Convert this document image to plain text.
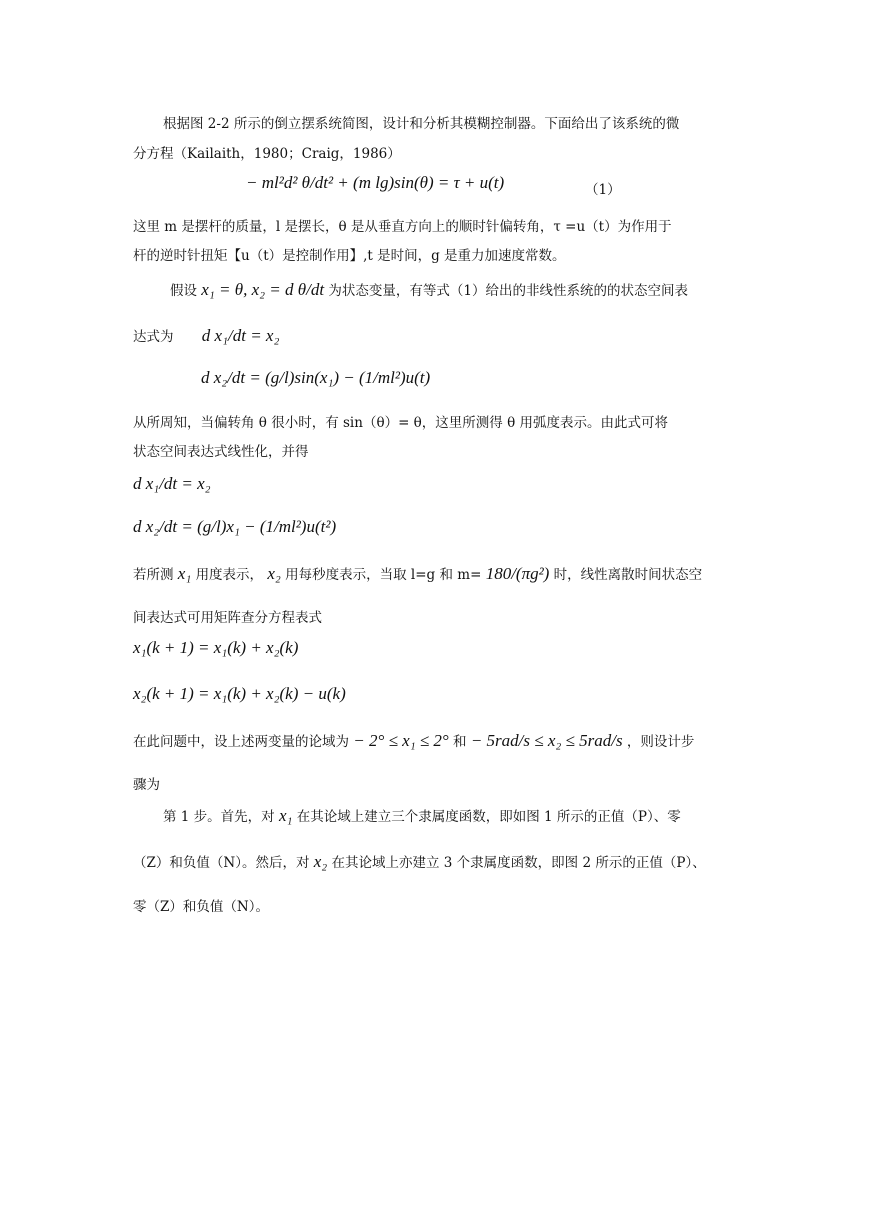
根据图 2-2 所示的倒立摆系统简图，设计和分析其模糊控制器。下面给出了该系统的微
分方程（Kailaith，1980；Craig，1986）
− ml²d² θ/dt² + (m lg)sin(θ) = τ + u(t)	（1）
这里 m 是摆杆的质量，l 是摆长，θ 是从垂直方向上的顺时针偏转角，τ =u（t）为作用于
杆的逆时针扭矩【u（t）是控制作用】,t 是时间，g 是重力加速度常数。
假设 x₁ = θ, x₂ = d θ/dt 为状态变量，有等式（1）给出的非线性系统的的状态空间表
达式为 d x₁/dt = x₂
d x₂/dt = (g/l)sin(x₁) − (1/ml²)u(t)
从所周知，当偏转角 θ 很小时，有 sin（θ）= θ，这里所测得 θ 用弧度表示。由此式可将
状态空间表达式线性化，并得
d x₁/dt = x₂
d x₂/dt = (g/l)x₁ − (1/ml²)u(t²)
若所测 x₁ 用度表示， x₂ 用每秒度表示，当取 l=g 和 m= 180/(πg²) 时，线性离散时间状态空
间表达式可用矩阵查分方程表式
x₁(k + 1) = x₁(k) + x₂(k)
x₂(k + 1) = x₁(k) + x₂(k) − u(k)
在此问题中，设上述两变量的论域为 − 2° ≤ x₁ ≤ 2° 和 − 5rad/s ≤ x₂ ≤ 5rad/s ，则设计步
骤为
第 1 步。首先，对 x₁ 在其论域上建立三个隶属度函数，即如图 1 所示的正值（P）、零
（Z）和负值（N）。然后，对 x₂ 在其论域上亦建立 3 个隶属度函数，即图 2 所示的正值（P）、
零（Z）和负值（N）。
